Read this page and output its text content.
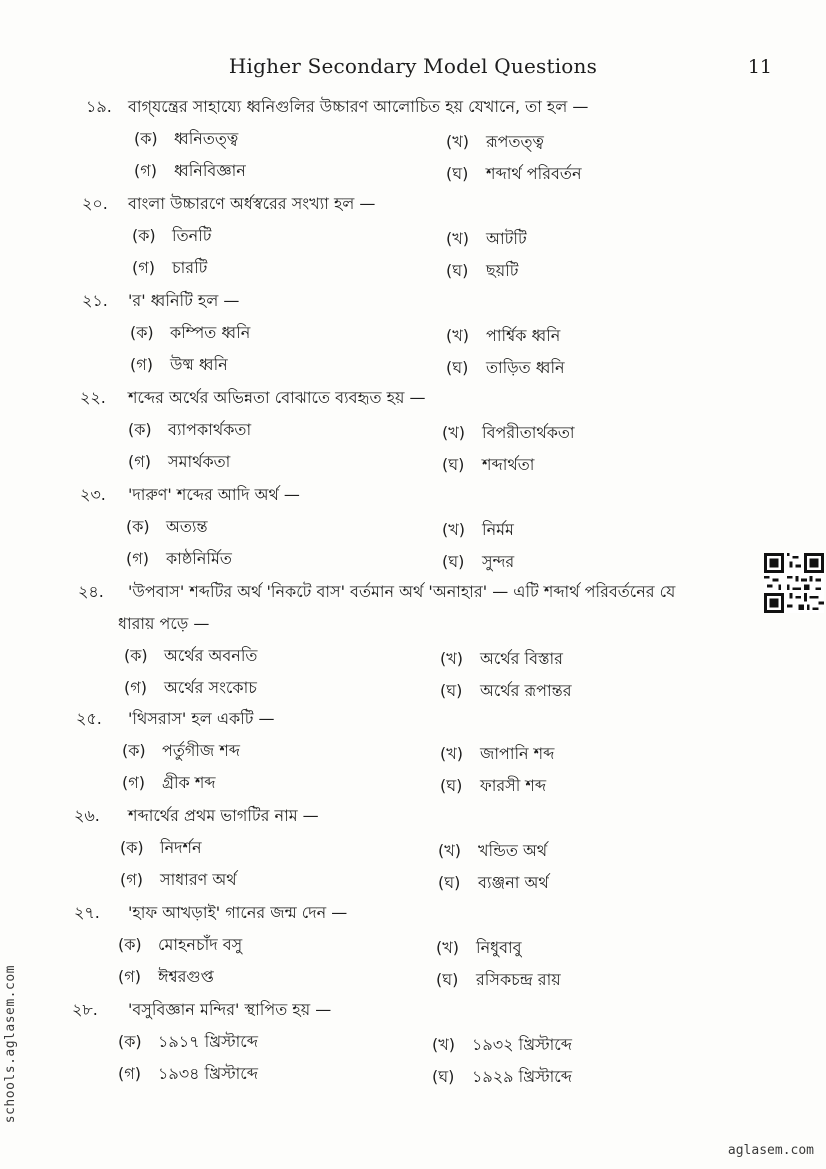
Higher Secondary Model Questions	11
১৯. বাগ্‌যন্ত্রের সাহায্যে ধ্বনিগুলির উচ্চারণ আলোচিত হয় যেখানে, তা হল —
(ক) ধ্বনিতত্ত্ব	(খ) রূপতত্ত্ব
(গ) ধ্বনিবিজ্ঞান	(ঘ) শব্দার্থ পরিবর্তন
২০. বাংলা উচ্চারণে অর্ধস্বরের সংখ্যা হল —
(ক) তিনটি	(খ) আটটি
(গ) চারটি	(ঘ) ছয়টি
২১. 'র' ধ্বনিটি হল —
(ক) কম্পিত ধ্বনি	(খ) পার্শ্বিক ধ্বনি
(গ) উষ্ম ধ্বনি	(ঘ) তাড়িত ধ্বনি
২২. শব্দের অর্থের অভিন্নতা বোঝাতে ব্যবহৃত হয় —
(ক) ব্যাপকার্থকতা	(খ) বিপরীতার্থকতা
(গ) সমার্থকতা	(ঘ) শব্দার্থতা
২৩. 'দারুণ' শব্দের আদি অর্থ —
(ক) অত্যন্ত	(খ) নির্মম
(গ) কাষ্ঠনির্মিত	(ঘ) সুন্দর
২৪. 'উপবাস' শব্দটির অর্থ 'নিকটে বাস' বর্তমান অর্থ 'অনাহার' — এটি শব্দার্থ পরিবর্তনের যে
ধারায় পড়ে —
(ক) অর্থের অবনতি	(খ) অর্থের বিস্তার
(গ) অর্থের সংকোচ	(ঘ) অর্থের রূপান্তর
২৫. 'থিসরাস' হল একটি —
(ক) পর্তুগীজ শব্দ	(খ) জাপানি শব্দ
(গ) গ্রীক শব্দ	(ঘ) ফারসী শব্দ
২৬. শব্দার্থের প্রথম ভাগটির নাম —
(ক) নিদর্শন	(খ) খন্ডিত অর্থ
(গ) সাধারণ অর্থ	(ঘ) ব্যঞ্জনা অর্থ
২৭. 'হাফ আখড়াই' গানের জন্ম দেন —
(ক) মোহনচাঁদ বসু	(খ) নিধুবাবু
(গ) ঈশ্বরগুপ্ত	(ঘ) রসিকচন্দ্র রায়
২৮. 'বসুবিজ্ঞান মন্দির' স্থাপিত হয় —
(ক) ১৯১৭ খ্রিস্টাব্দে	(খ) ১৯৩২ খ্রিস্টাব্দে
(গ) ১৯৩৪ খ্রিস্টাব্দে	(ঘ) ১৯২৯ খ্রিস্টাব্দে
schools.aglasem.com
aglasem.com
